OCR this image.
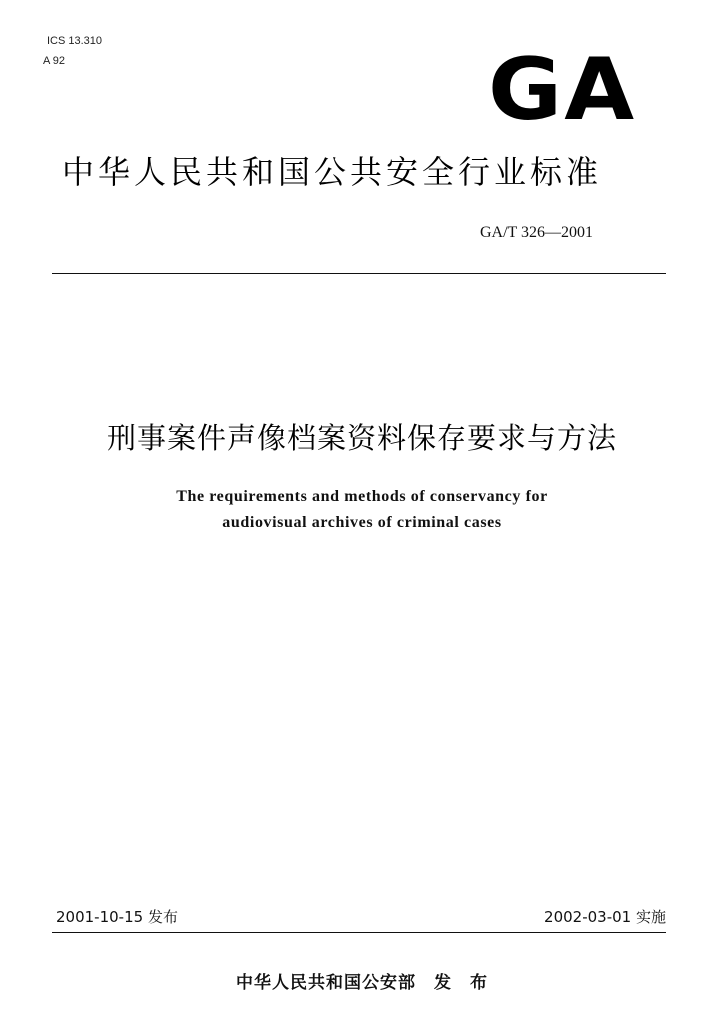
ICS 13.310
A 92	GA
中华人民共和国公共安全行业标准
GA/T 326—2001
刑事案件声像档案资料保存要求与方法
The requirements and methods of conservancy for
audiovisual archives of criminal cases
2001-10-15 发布	2002-03-01 实施
中华人民共和国公安部　发　布
